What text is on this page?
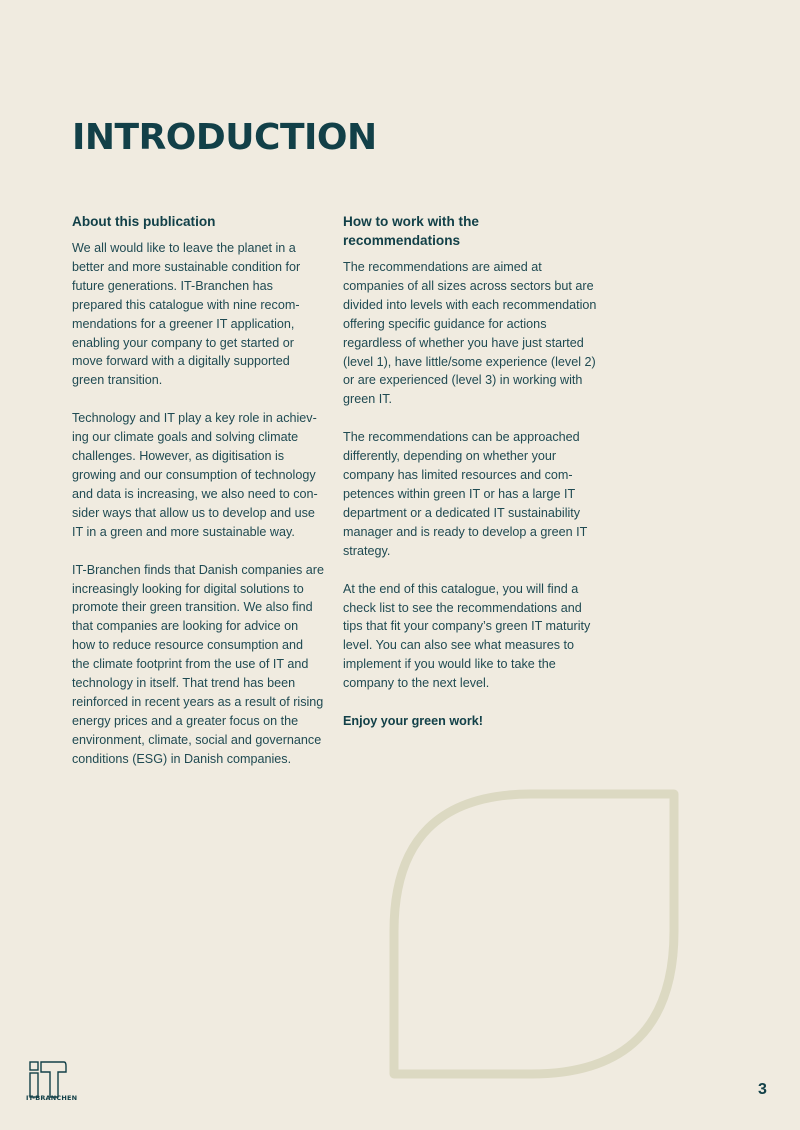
INTRODUCTION
About this publication

We all would like to leave the planet in a better and more sustainable condition for future generations. IT-Branchen has prepared this catalogue with nine recommendations for a greener IT application, enabling your company to get started or move forward with a digitally supported green transition.

Technology and IT play a key role in achieving our climate goals and solving climate challenges. However, as digitisation is growing and our consumption of technology and data is increasing, we also need to consider ways that allow us to develop and use IT in a green and more sustainable way.

IT-Branchen finds that Danish companies are increasingly looking for digital solutions to promote their green transition. We also find that companies are looking for advice on how to reduce resource consumption and the climate footprint from the use of IT and technology in itself. That trend has been reinforced in recent years as a result of rising energy prices and a greater focus on the environment, climate, social and governance conditions (ESG) in Danish companies.

How to work with the recommendations

The recommendations are aimed at companies of all sizes across sectors but are divided into levels with each recommendation offering specific guidance for actions regardless of whether you have just started (level 1), have little/some experience (level 2) or are experienced (level 3) in working with green IT.

The recommendations can be approached differently, depending on whether your company has limited resources and competences within green IT or has a large IT department or a dedicated IT sustainability manager and is ready to develop a green IT strategy.

At the end of this catalogue, you will find a check list to see the recommendations and tips that fit your company’s green IT maturity level. You can also see what measures to implement if you would like to take the company to the next level.

Enjoy your green work!

IT-BRANCHEN	3
